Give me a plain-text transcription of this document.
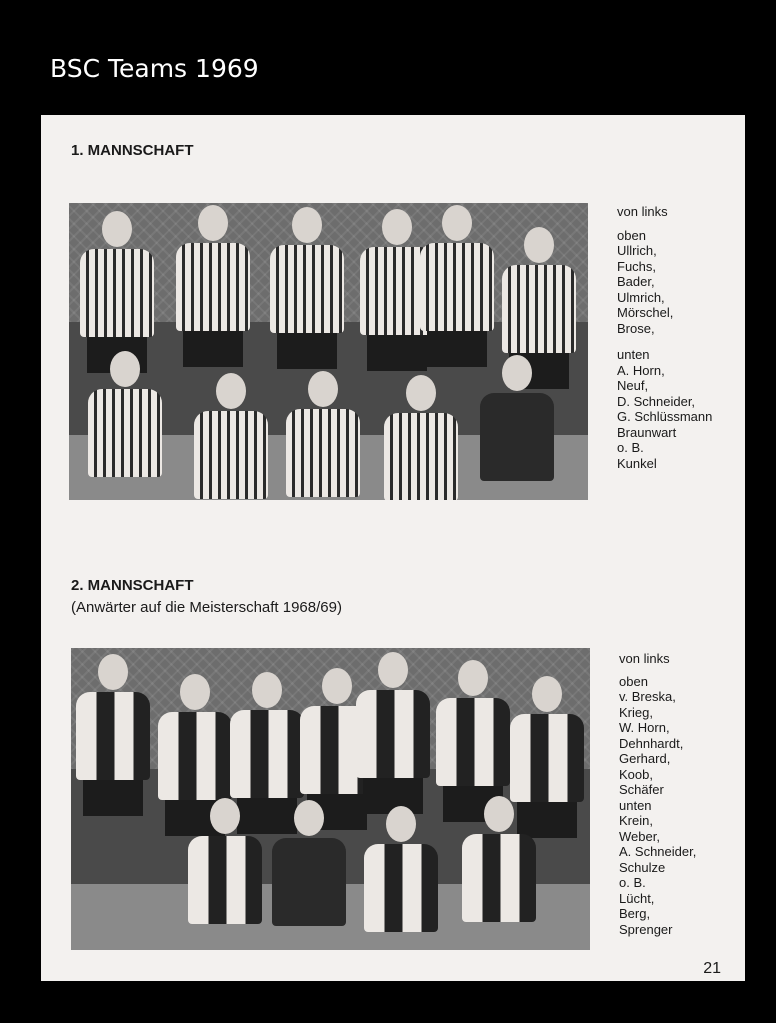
BSC Teams 1969
1. MANNSCHAFT
von links
oben
Ullrich,
Fuchs,
Bader,
Ulmrich,
Mörschel,
Brose,
unten
A. Horn,
Neuf,
D. Schneider,
G. Schlüssmann
Braunwart
o. B.
Kunkel
2. MANNSCHAFT
(Anwärter auf die Meisterschaft 1968/69)
von links
oben
v. Breska,
Krieg,
W. Horn,
Dehnhardt,
Gerhard,
Koob,
Schäfer
unten
Krein,
Weber,
A. Schneider,
Schulze
o. B.
Lücht,
Berg,
Sprenger
21
